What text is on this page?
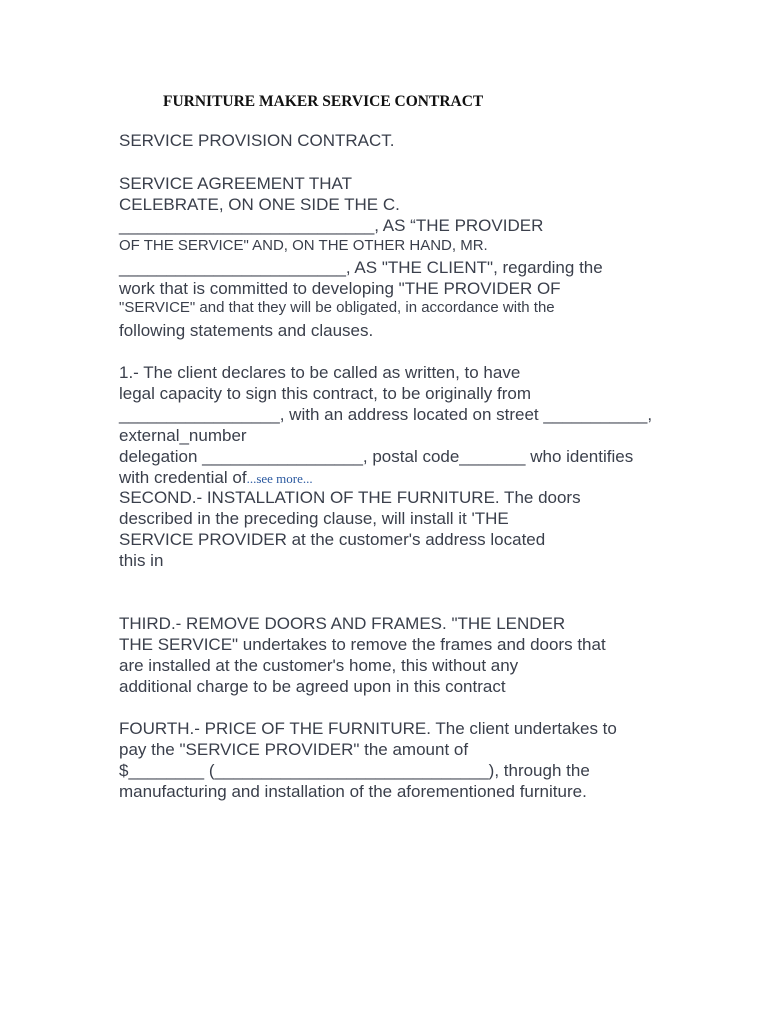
FURNITURE MAKER SERVICE CONTRACT
SERVICE PROVISION CONTRACT.
SERVICE AGREEMENT THAT
CELEBRATE, ON ONE SIDE THE C.
___________________________, AS “THE PROVIDER
OF THE SERVICE" AND, ON THE OTHER HAND, MR.
________________________, AS "THE CLIENT", regarding the
work that is committed to developing "THE PROVIDER OF
"SERVICE" and that they will be obligated, in accordance with the
following statements and clauses.
1.- The client declares to be called as written, to have
legal capacity to sign this contract, to be originally from
_________________, with an address located on street ___________,
external_number
delegation _________________, postal code_______ who identifies
with credential of...see more...
SECOND.- INSTALLATION OF THE FURNITURE. The doors
described in the preceding clause, will install it 'THE
SERVICE PROVIDER at the customer's address located
this in
THIRD.- REMOVE DOORS AND FRAMES. "THE LENDER
THE SERVICE" undertakes to remove the frames and doors that
are installed at the customer's home, this without any
additional charge to be agreed upon in this contract
FOURTH.- PRICE OF THE FURNITURE. The client undertakes to
pay the "SERVICE PROVIDER" the amount of
$________ (_____________________________), through the
manufacturing and installation of the aforementioned furniture.
